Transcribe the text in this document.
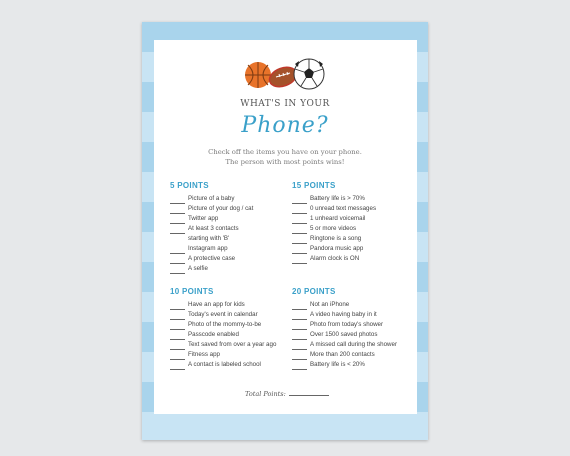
WHAT'S IN YOUR
Phone?
Check off the items you have on your phone.
The person with most points wins!
5 POINTS
Picture of a baby
Picture of your dog / cat
Twitter app
At least 3 contacts
starting with 'B'
Instagram app
A protective case
A selfie
15 POINTS
Battery life is > 70%
0 unread text messages
1 unheard voicemail
5 or more videos
Ringtone is a song
Pandora music app
Alarm clock is ON
10 POINTS
Have an app for kids
Today's event in calendar
Photo of the mommy-to-be
Passcode enabled
Text saved from over a year ago
Fitness app
A contact is labeled school
20 POINTS
Not an iPhone
A video having baby in it
Photo from today's shower
Over 1500 saved photos
A missed call during the shower
More than 200 contacts
Battery life is < 20%
Total Points:
